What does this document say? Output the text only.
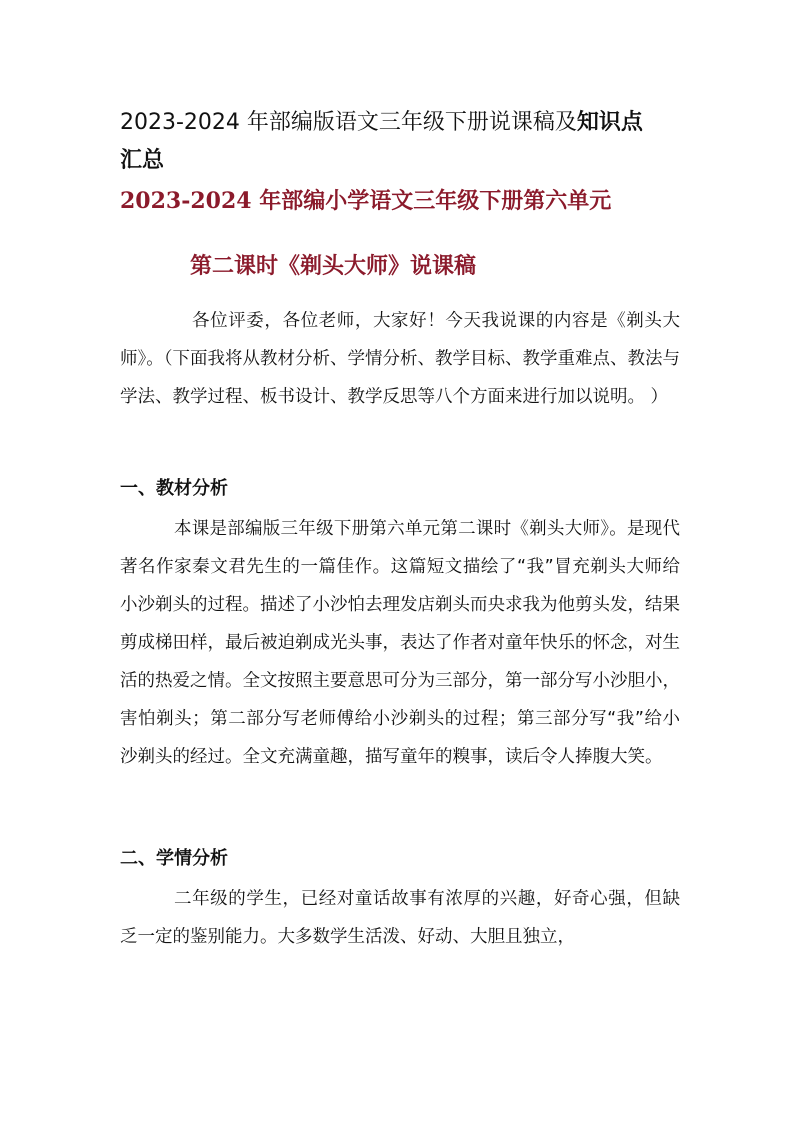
2023-2024 年部编版语文三年级下册说课稿及知识点
汇总
2023-2024 年部编小学语文三年级下册第六单元
第二课时《剃头大师》说课稿
各位评委，各位老师，大家好！今天我说课的内容是《剃头大师》。（下面我将从教材分析、学情分析、教学目标、教学重难点、教法与学法、教学过程、板书设计、教学反思等八个方面来进行加以说明。 ）
一、教材分析
本课是部编版三年级下册第六单元第二课时《剃头大师》。是现代著名作家秦文君先生的一篇佳作。这篇短文描绘了“我”冒充剃头大师给小沙剃头的过程。描述了小沙怕去理发店剃头而央求我为他剪头发，结果剪成梯田样，最后被迫剃成光头事，表达了作者对童年快乐的怀念，对生活的热爱之情。全文按照主要意思可分为三部分，第一部分写小沙胆小，害怕剃头；第二部分写老师傅给小沙剃头的过程；第三部分写“我”给小沙剃头的经过。全文充满童趣，描写童年的糗事，读后令人捧腹大笑。
二、学情分析
二年级的学生，已经对童话故事有浓厚的兴趣，好奇心强，但缺乏一定的鉴别能力。大多数学生活泼、好动、大胆且独立，
